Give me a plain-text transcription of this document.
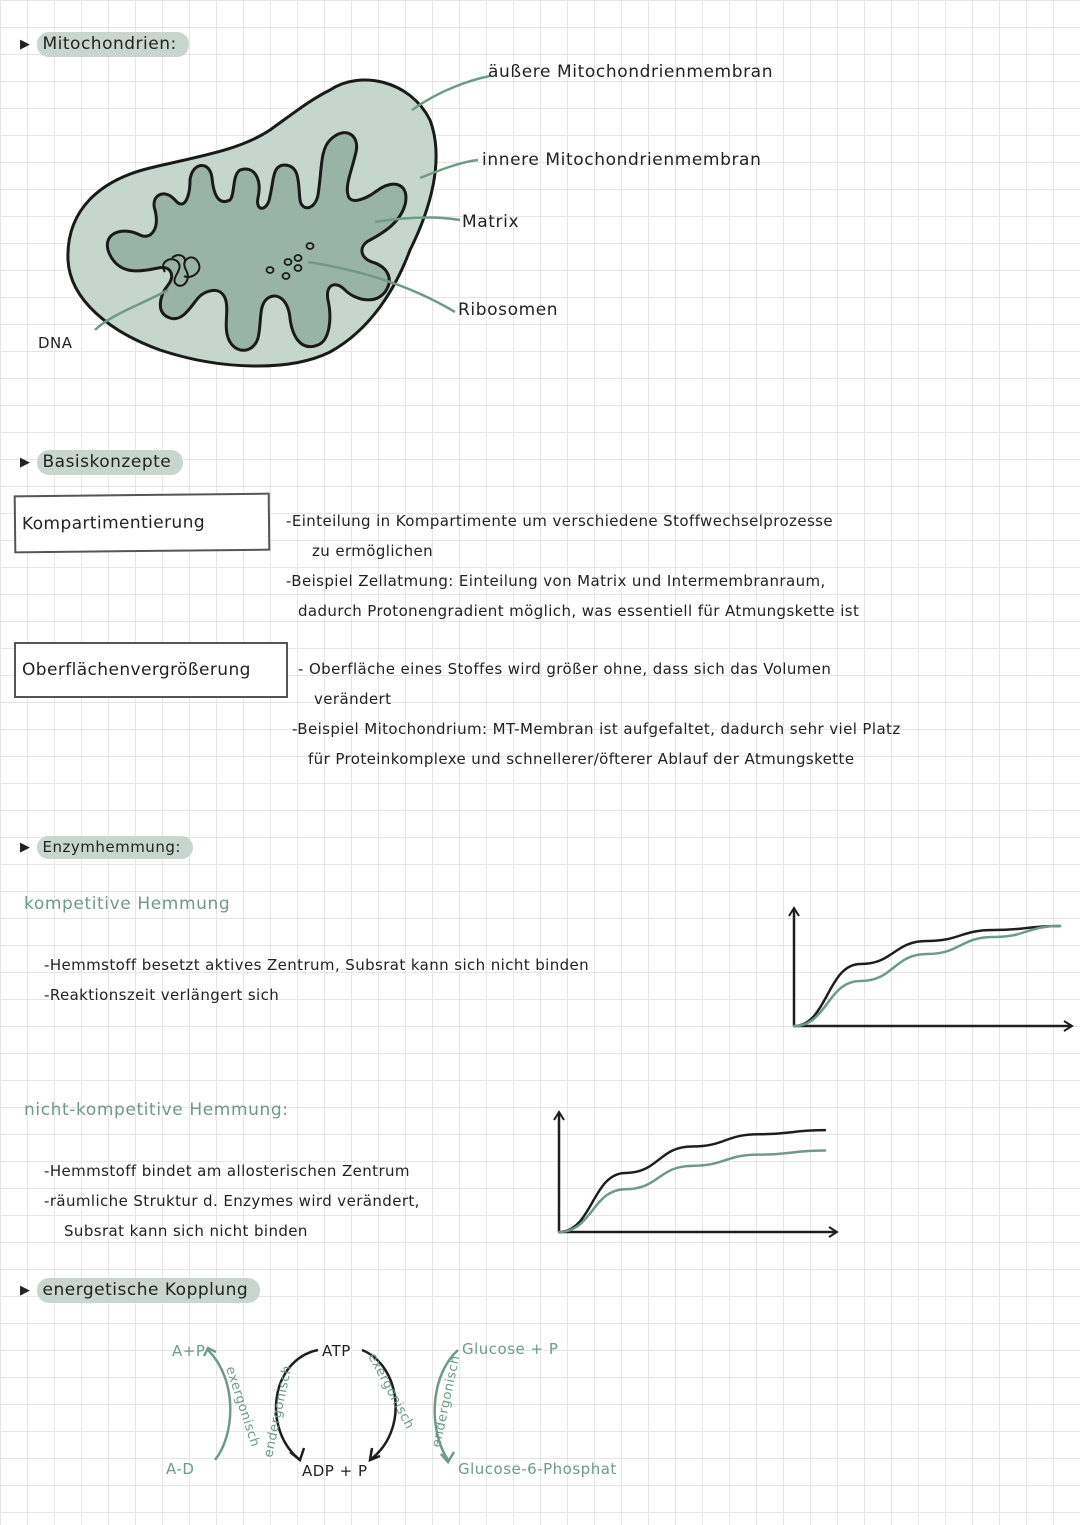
▶ Mitochondrien:
äußere Mitochondrienmembran
innere Mitochondrienmembran
Matrix
Ribosomen
DNA
▶ Basiskonzepte
Kompartimentierung	-Einteilung in Kompartimente um verschiedene Stoffwechselprozesse
zu ermöglichen
-Beispiel Zellatmung: Einteilung von Matrix und Intermembranraum,
dadurch Protonengradient möglich, was essentiell für Atmungskette ist
Oberflächenvergrößerung	- Oberfläche eines Stoffes wird größer ohne, dass sich das Volumen
verändert
-Beispiel Mitochondrium: MT-Membran ist aufgefaltet, dadurch sehr viel Platz
für Proteinkomplexe und schnellerer/öfterer Ablauf der Atmungskette
▶ Enzymhemmung:
kompetitive Hemmung
-Hemmstoff besetzt aktives Zentrum, Subsrat kann sich nicht binden
-Reaktionszeit verlängert sich
nicht-kompetitive Hemmung:
-Hemmstoff bindet am allosterischen Zentrum
-räumliche Struktur d. Enzymes wird verändert,
Subsrat kann sich nicht binden
▶ energetische Kopplung
exergonisch
endergonisch	exergonisch endergonisch
A+P
A-D
ATP
ADP + P
Glucose + P
Glucose-6-Phosphat
